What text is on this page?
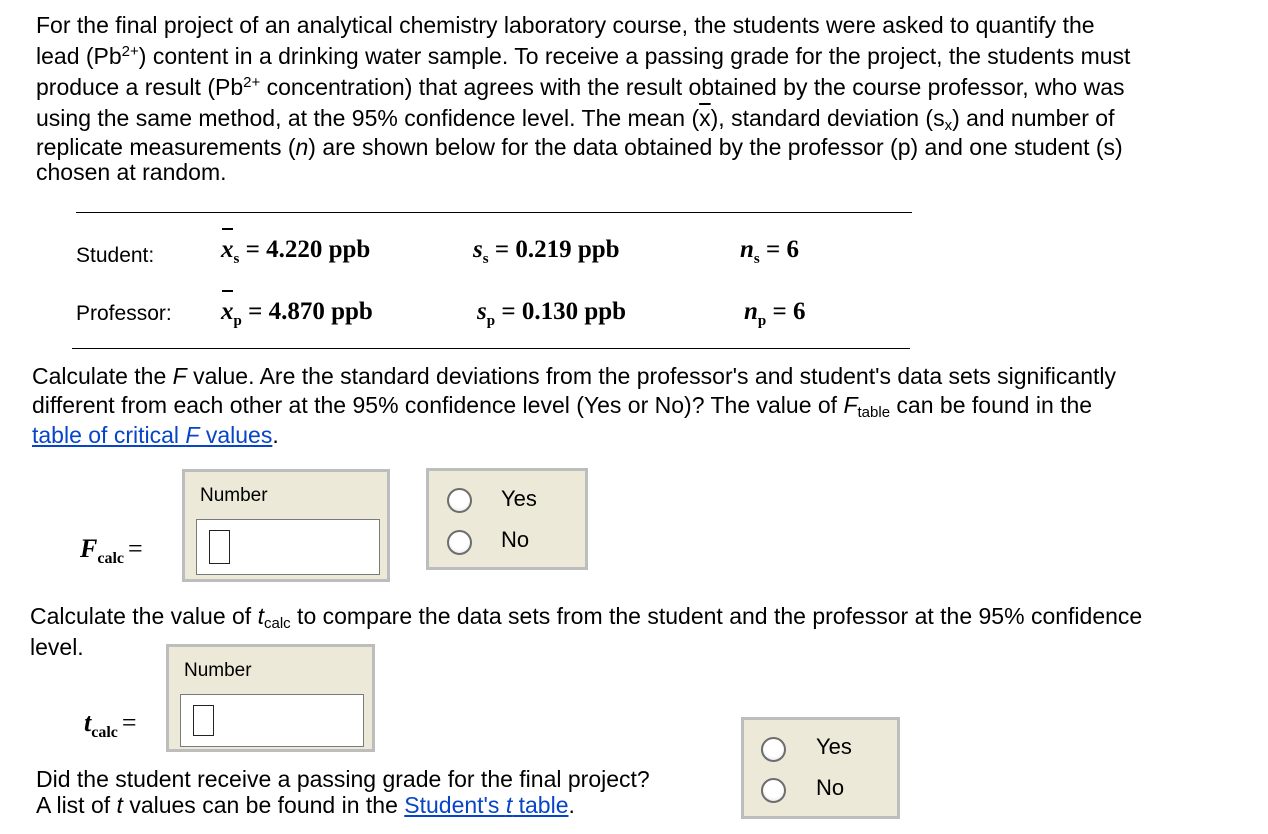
For the final project of an analytical chemistry laboratory course, the students were asked to quantify the
lead $(Pb^{2+})$ content in a drinking water sample. To receive a passing grade for the project, the students must
produce a result ($Pb^{2+}$ concentration) that agrees with the result obtained by the course professor, who was
using the same method, at the 95% confidence level. The mean $(\overline{x})$, standard deviation $(s_x)$ and number of
replicate measurements (n) are shown below for the data obtained by the professor (p) and one student (s)
chosen at random.
Student:	$x_s = 4.220$ ppb	$s_s = 0.219$ ppb	$n_s = 6$
Professor: $x_p = 4.870$ ppb	$s_p = 0.130$ ppb	$n_p = 6$
Calculate the F value. Are the standard deviations from the professor's and student's data sets significantly
different from each other at the 95% confidence level (Yes or No)? The value of $F_{table}$ can be found in the
table of critical F values.
$F_{calc}$ =
Number	Yes
No
Calculate the value of $t_{calc}$ to compare the data sets from the student and the professor at the 95% confidence
level.
$t_{calc}$ =
Number
Did the student receive a passing grade for the final project?
A list of t values can be found in the Student's t table.
Yes
No
